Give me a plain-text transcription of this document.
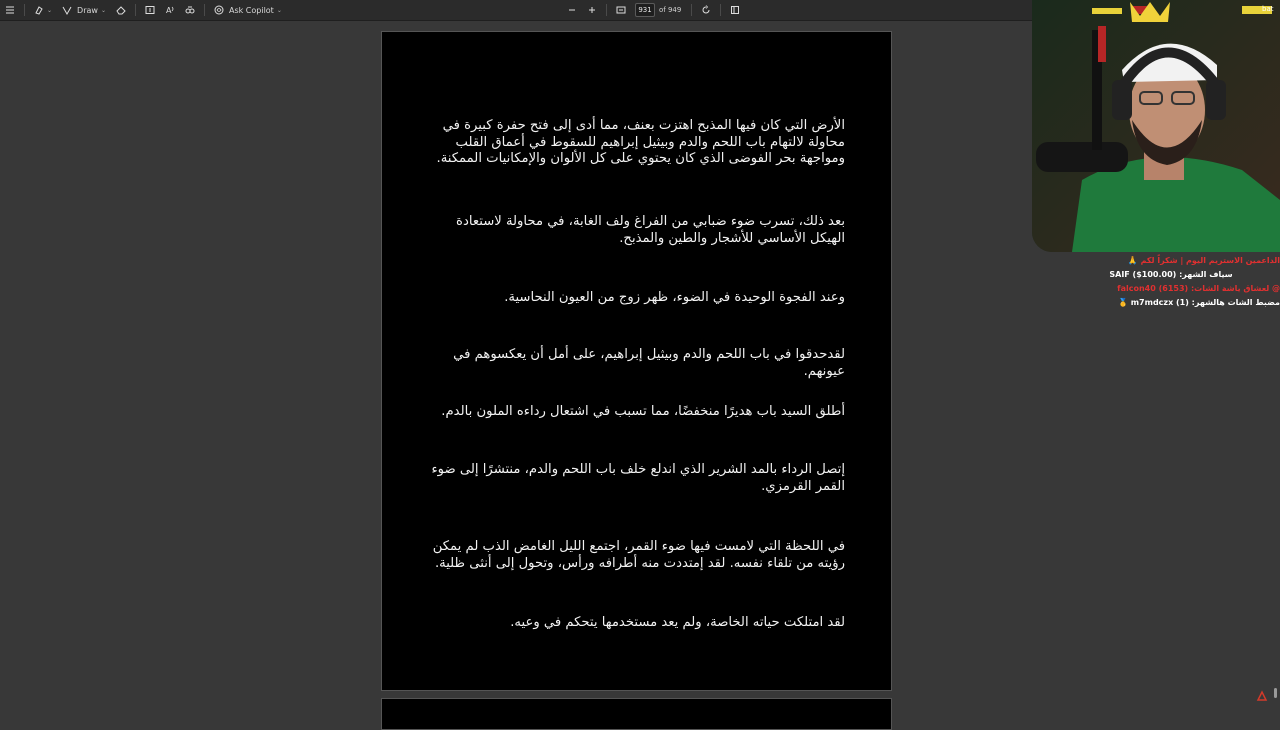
⌄	Draw ⌄	A	Ask Copilot ⌄
931	of 949
الأرض التي كان فيها المذبح اهتزت بعنف، مما أدى إلى فتح حفرة كبيرة في محاولة لالتهام باب اللحم والدم وبيثيل إبراهيم للسقوط في أعماق القلب ومواجهة بحر الفوضى الذي كان يحتوي على كل الألوان والإمكانيات الممكنة.
بعد ذلك، تسرب ضوء ضبابي من الفراغ ولف الغابة، في محاولة لاستعادة الهيكل الأساسي للأشجار والطين والمذبح.
وعند الفجوة الوحيدة في الضوء، ظهر زوج من العيون النحاسية.
لقدحدقوا في باب اللحم والدم وبيثيل إبراهيم، على أمل أن يعكسوهم في عيونهم.
أطلق السيد باب هديرًا منخفضًا، مما تسبب في اشتعال رداءه الملون بالدم.
إتصل الرداء بالمد الشرير الذي اندلع خلف باب اللحم والدم، منتشرًا إلى ضوء القمر القرمزي.
في اللحظة التي لامست فيها ضوء القمر، اجتمع الليل الغامض الذب لم يمكن رؤيته من تلقاء نفسه. لقد إمتددت منه أطرافه ورأس، وتحول إلى أنثى ظلية.
لقد امتلكت حياته الخاصة، ولم يعد مستخدمها يتحكم في وعيه.
bat
الداعمين الاستريم اليوم | شكراً لكم 🙏
سياف الشهر: SAIF ($100.00)
@ لعشاق ياشة الشات: falcon40 (6153)
مضبط الشات هالشهر: m7mdczx (1) 🥇
